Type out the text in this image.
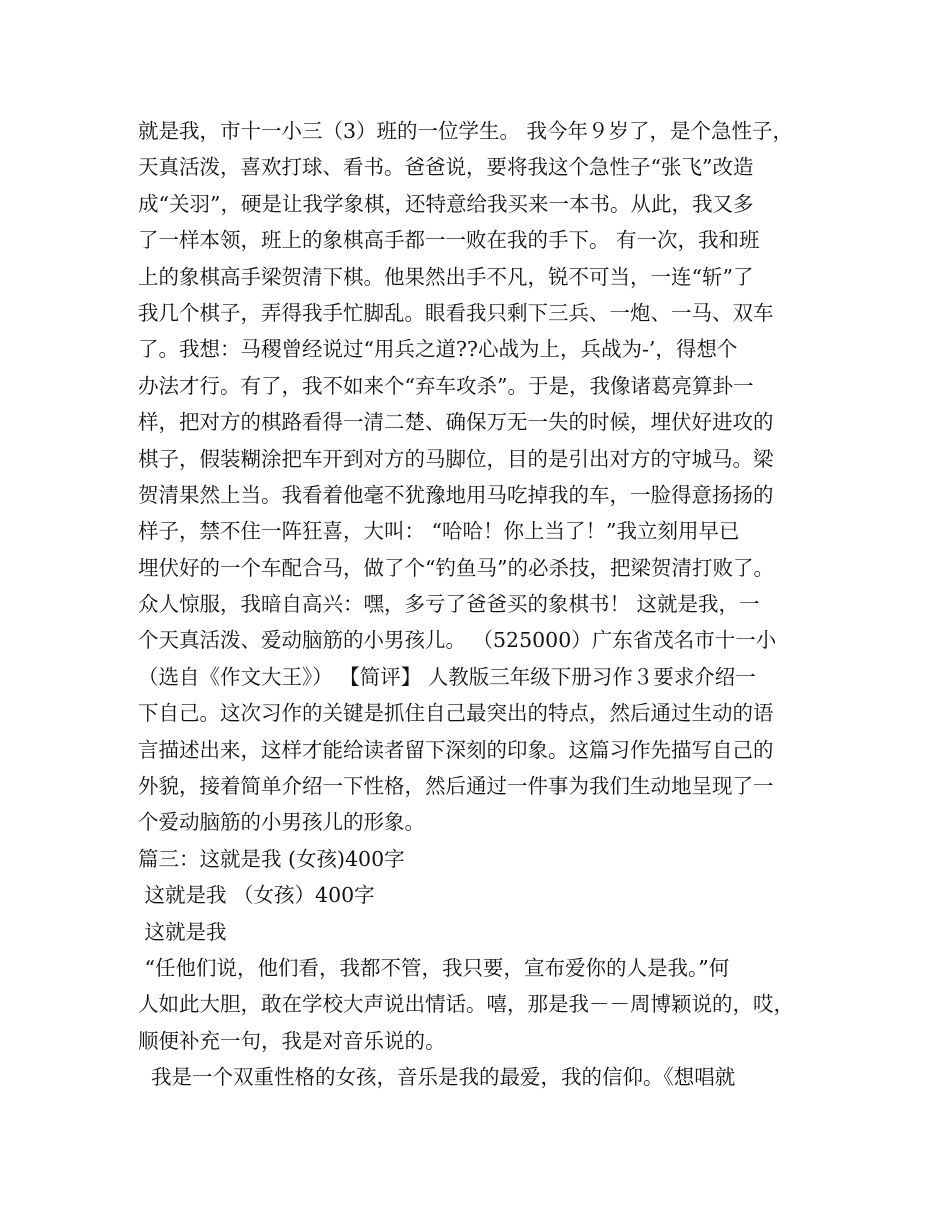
就是我，市十一小三（3）班的一位学生。 我今年９岁了，是个急性子，
天真活泼，喜欢打球、看书。爸爸说，要将我这个急性子“张飞”改造
成“关羽”，硬是让我学象棋，还特意给我买来一本书。从此，我又多
了一样本领，班上的象棋高手都一一败在我的手下。 有一次，我和班
上的象棋高手梁贺清下棋。他果然出手不凡，锐不可当，一连“斩”了
我几个棋子，弄得我手忙脚乱。眼看我只剩下三兵、一炮、一马、双车
了。我想：马稷曾经说过“用兵之道??心战为上，兵战为-’，得想个
办法才行。有了，我不如来个“弃车攻杀”。于是，我像诸葛亮算卦一
样，把对方的棋路看得一清二楚、确保万无一失的时候，埋伏好进攻的
棋子，假装糊涂把车开到对方的马脚位，目的是引出对方的守城马。梁
贺清果然上当。我看着他毫不犹豫地用马吃掉我的车，一脸得意扬扬的
样子，禁不住一阵狂喜，大叫： “哈哈！你上当了！”我立刻用早已
埋伏好的一个车配合马，做了个“钓鱼马”的必杀技，把梁贺清打败了。
众人惊服，我暗自高兴：嘿，多亏了爸爸买的象棋书！ 这就是我，一
个天真活泼、爱动脑筋的小男孩儿。 （525000）广东省茂名市十一小
（选自《作文大王》） 【简评】 人教版三年级下册习作３要求介绍一
下自己。这次习作的关键是抓住自己最突出的特点，然后通过生动的语
言描述出来，这样才能给读者留下深刻的印象。这篇习作先描写自己的
外貌，接着简单介绍一下性格，然后通过一件事为我们生动地呈现了一
个爱动脑筋的小男孩儿的形象。
篇三：这就是我 (女孩)400字
这就是我 （女孩）400字
这就是我
“任他们说，他们看，我都不管，我只要，宣布爱你的人是我。”何
人如此大胆，敢在学校大声说出情话。嘻，那是我－－周博颖说的，哎，
顺便补充一句，我是对音乐说的。
我是一个双重性格的女孩，音乐是我的最爱，我的信仰。《想唱就
